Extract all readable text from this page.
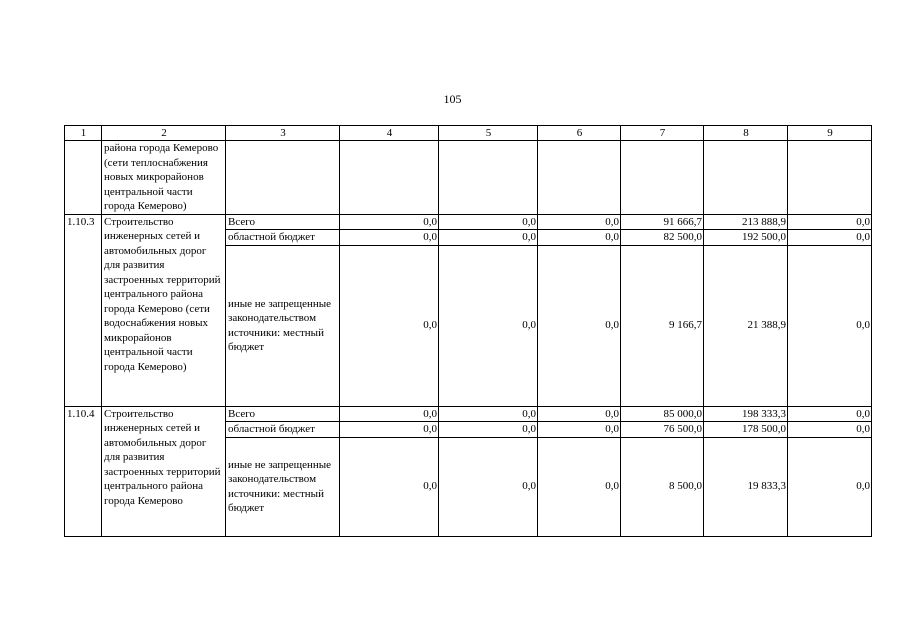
105
1	2	3	4	5	6	7	8	9
	района города Кемерово (сети теплоснабжения новых микрорайонов центральной части города Кемерово)							
1.10.3	Строительство инженерных сетей и автомобильных дорог для развития застроенных территорий центрального района города Кемерово (сети водоснабжения новых микрорайонов центральной части города Кемерово)	Всего	0,0	0,0	0,0	91 666,7	213 888,9	0,0
		областной бюджет	0,0	0,0	0,0	82 500,0	192 500,0	0,0
		иные не запрещенные законодательством источники: местный бюджет	0,0	0,0	0,0	9 166,7	21 388,9	0,0
1.10.4	Строительство инженерных сетей и автомобильных дорог для развития застроенных территорий центрального района города Кемерово	Всего	0,0	0,0	0,0	85 000,0	198 333,3	0,0
		областной бюджет	0,0	0,0	0,0	76 500,0	178 500,0	0,0
		иные не запрещенные законодательством источники: местный бюджет	0,0	0,0	0,0	8 500,0	19 833,3	0,0
